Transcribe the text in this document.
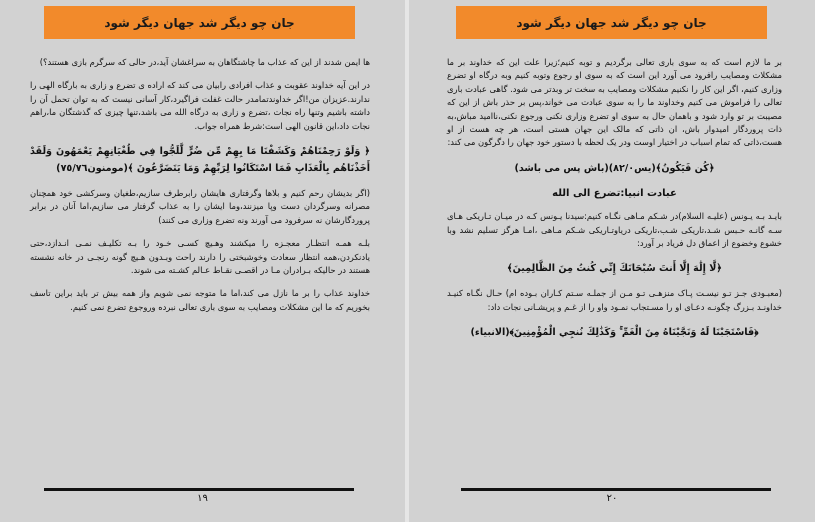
جان چو دیگر شد جهان دیگر شود

ها ایمن شدند از این که عذاب ما چاشتگاهان به سراغشان آید،در حالی که سرگرم بازی هستند؟)

در این آیه خداوند عقوبت و عذاب افرادی رابیان می کند که اراده ی تضرع و زاری به بارگاه الهی را ندارند.عزیزان من!اگر خداوندتمامدر حالت غفلت فراگیرد،کار آسانی نیست که به توان تحمل آن را داشته باشیم وتنها راه نجات ،تضرع و زاری به درگاه الله می باشد،تنها چیزی که گذشتگان ما،راهم نجات داد،این قانون الهی است:شرط همراه جواب.

﴿ وَلَوْ رَحِمْنَاهُمْ وَكَشَفْنَا مَا بِهِمْ مِّن ضُرٍّ لَّلَجُّوا فِي طُغْيَانِهِمْ يَعْمَهُونَ وَلَقَدْ أَخَذْنَاهُم بِالْعَذَابِ فَمَا اسْتَكَانُوا لِرَبِّهِمْ وَمَا يَتَضَرَّعُونَ ﴾(مومنون٧٥/٧٦)

(اگر بدیشان رحم کنیم و بلاها وگرفتاری هایشان رابرطرف سازیم،طغیان وسرکشی خود همچنان مصرانه وسرگردان دست وپا میزنند،وما ایشان را به عذاب گرفتار می سازیم،اما آنان در برابر پروردگارشان نه سرفرود می آورند ونه تضرع وزاری می کنند)

بلـه همـه انتظـار معجـزه را میکشند وهـیچ کسـی خـود را بـه تکلیـف نمـی انـدازد،حتی یادنکردن،همه انتظار سعادت وخوشبختی را دارند راحت وبـدون هـیچ گونه رنجـی در خانه نشسته هستند در حالیکه بـرادران مـا در اقصـی نقـاط عـالم کشـته می شوند.

خداوند عذاب را بر ما نازل می کند،اما ما متوجه نمی شویم واز همه بیش تر باید براین تاسف بخوریم که ما این مشکلات ومصایب به سوی باری تعالی نبرده وروجوع تضرع نمی کنیم.

١٩
جان چو دیگر شد جهان دیگر شود

بر ما لازم است که به سوی باری تعالی برگردیم و توبه کنیم؛زیرا علت این که خداوند بر ما مشکلات ومصایب رافرود می آورد این است که به سوی او رجوع وتوبه کنیم وبه درگاه او تضرع وزاری کنیم، اگر این کار را نکنیم مشکلات ومصایب به سخت تر وبدتر می شود. گاهی عبادت باری تعالی را فراموش می کنیم وخداوند ما را به سوی عبادت می خواند،پس بر حذر باش از این که مصیبت بر تو وارد شود و باهمان حال به سوی او تضرع وزاری نکنی ورجوع نکنی،ناامید مباش،به ذات پروردگار امیدوار باش، ان ذاتی که مالک این جهان هستی است، هر چه هست از او هست،ذاتی که تمام اسباب در اختیار اوست ودر یک لحظه با دستور خود جهان را دگرگون می کند:

﴿كُن فَيَكُونُ﴾(یس٨٢/٠)(باش پس می باشد)

عبادت انبیا:تضرع الی الله

بایـد بـه یـونس (علیـه السلام)در شـکم مـاهی نگـاه کنیم:سیدنا یـونس کـه در میـان تـاریکی هـای سـه گانـه حـبس شـد،تاریکی شـب،تاریکی دریاوتـاریکی شـکم مـاهی ،امـا هرگز تسلیم نشد وبا خشوع وخضوع از اعماق دل فریاد بر آورد:

﴿لَّا إِلَٰهَ إِلَّا أَنتَ سُبْحَانَكَ إِنِّي كُنتُ مِنَ الظَّالِمِينَ﴾

(معبـودی جـز تـو نيسـت پـاک منزهـی تـو مـن از جملـه سـتم کـاران بـوده ام) حـال نگـاه کنیـد خداونـد بـزرگ چگونـه دعـای او را مسـتجاب نمـود واو را از غـم و پريشـانی نجات داد:

﴿فَاسْتَجَبْنَا لَهُ وَنَجَّيْنَاهُ مِنَ الْغَمِّ ۚ وَكَذَٰلِكَ نُنجِي الْمُؤْمِنِينَ﴾(الانبیاء)

٢٠
